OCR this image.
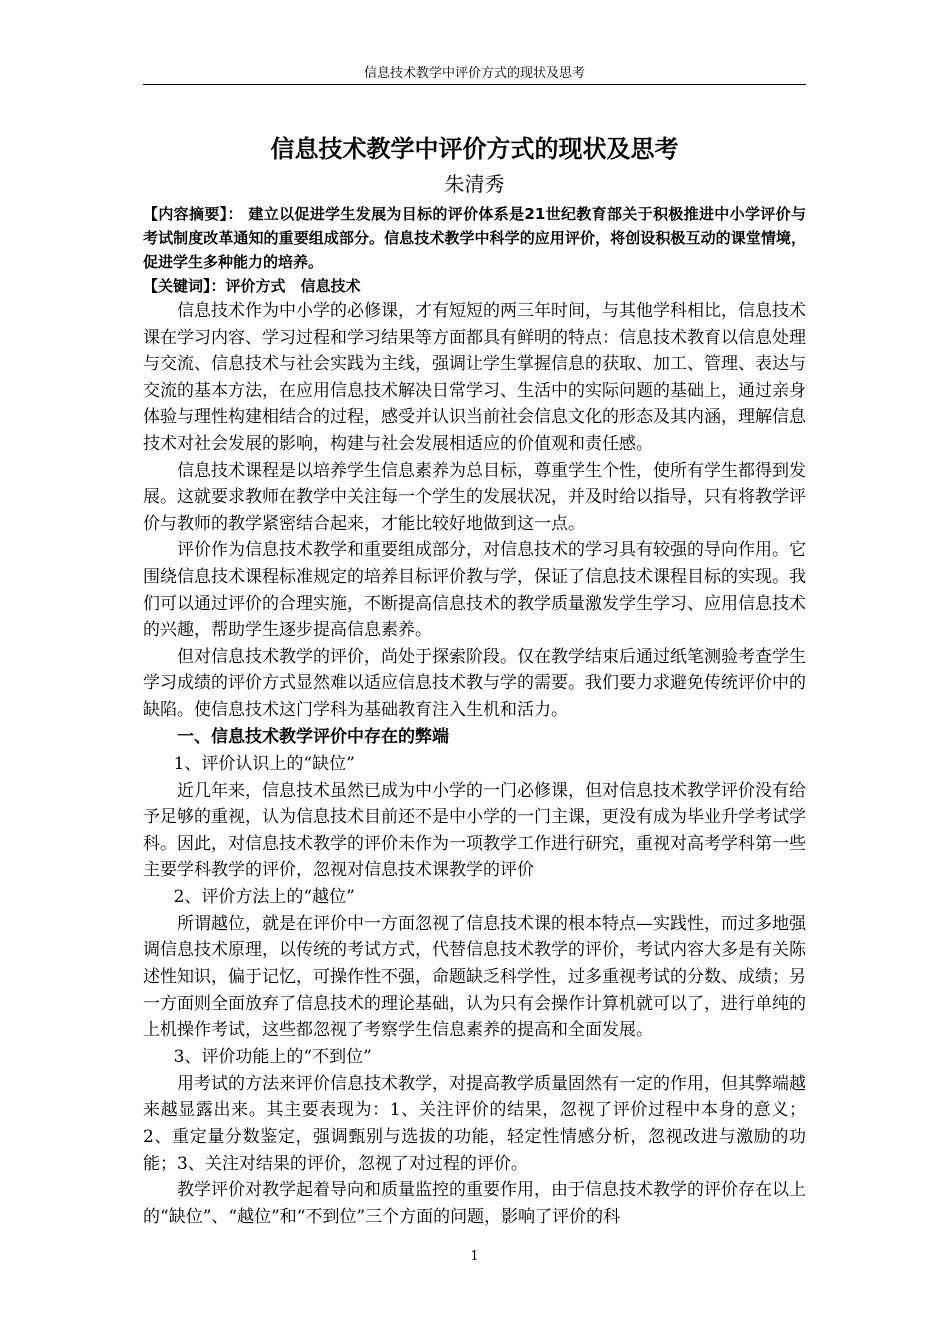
信息技术教学中评价方式的现状及思考
信息技术教学中评价方式的现状及思考
朱清秀

【内容摘要】： 建立以促进学生发展为目标的评价体系是21世纪教育部关于积极推进中小学评价与考试制度改革通知的重要组成部分。信息技术教学中科学的应用评价，将创设积极互动的课堂情境，促进学生多种能力的培养。

【关键词】：评价方式　信息技术

信息技术作为中小学的必修课，才有短短的两三年时间，与其他学科相比，信息技术课在学习内容、学习过程和学习结果等方面都具有鲜明的特点：信息技术教育以信息处理与交流、信息技术与社会实践为主线，强调让学生掌握信息的获取、加工、管理、表达与交流的基本方法，在应用信息技术解决日常学习、生活中的实际问题的基础上，通过亲身体验与理性构建相结合的过程，感受并认识当前社会信息文化的形态及其内涵，理解信息技术对社会发展的影响，构建与社会发展相适应的价值观和责任感。

信息技术课程是以培养学生信息素养为总目标，尊重学生个性，使所有学生都得到发展。这就要求教师在教学中关注每一个学生的发展状况，并及时给以指导，只有将教学评价与教师的教学紧密结合起来，才能比较好地做到这一点。

评价作为信息技术教学和重要组成部分，对信息技术的学习具有较强的导向作用。它围绕信息技术课程标准规定的培养目标评价教与学，保证了信息技术课程目标的实现。我们可以通过评价的合理实施，不断提高信息技术的教学质量激发学生学习、应用信息技术的兴趣，帮助学生逐步提高信息素养。

但对信息技术教学的评价，尚处于探索阶段。仅在教学结束后通过纸笔测验考查学生学习成绩的评价方式显然难以适应信息技术教与学的需要。我们要力求避免传统评价中的缺陷。使信息技术这门学科为基础教育注入生机和活力。

一、信息技术教学评价中存在的弊端

1、评价认识上的“缺位”

近几年来，信息技术虽然已成为中小学的一门必修课，但对信息技术教学评价没有给予足够的重视，认为信息技术目前还不是中小学的一门主课，更没有成为毕业升学考试学科。因此，对信息技术教学的评价未作为一项教学工作进行研究，重视对高考学科第一些主要学科教学的评价，忽视对信息技术课教学的评价

2、评价方法上的“越位”

所谓越位，就是在评价中一方面忽视了信息技术课的根本特点—实践性，而过多地强调信息技术原理，以传统的考试方式，代替信息技术教学的评价，考试内容大多是有关陈述性知识，偏于记忆，可操作性不强，命题缺乏科学性，过多重视考试的分数、成绩；另一方面则全面放弃了信息技术的理论基础，认为只有会操作计算机就可以了，进行单纯的上机操作考试，这些都忽视了考察学生信息素养的提高和全面发展。

3、评价功能上的“不到位”

用考试的方法来评价信息技术教学，对提高教学质量固然有一定的作用，但其弊端越来越显露出来。其主要表现为：1、关注评价的结果，忽视了评价过程中本身的意义；2、重定量分数鉴定，强调甄别与选拔的功能，轻定性情感分析，忽视改进与激励的功能；3、关注对结果的评价，忽视了对过程的评价。

教学评价对教学起着导向和质量监控的重要作用，由于信息技术教学的评价存在以上的“缺位”、“越位”和“不到位”三个方面的问题，影响了评价的科

1
